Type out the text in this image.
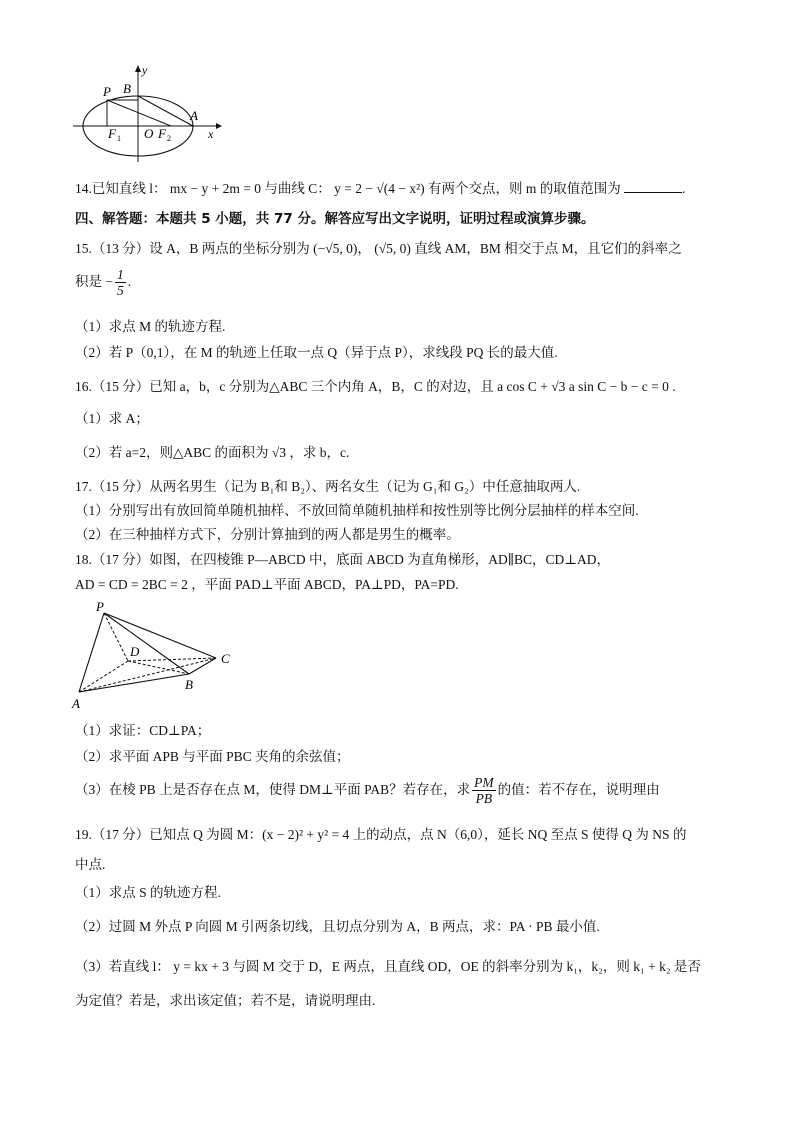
y
x
P B
A
F 1 O F 2
14.已知直线 l： mx − y + 2m = 0 与曲线 C： y = 2 − √(4 − x²) 有两个交点，则 m 的取值范围为	.
四、解答题：本题共 5 小题，共 77 分。解答应写出文字说明，证明过程或演算步骤。
15.（13 分）设 A，B 两点的坐标分别为 (−√5, 0)， (√5, 0) 直线 AM，BM 相交于点 M，且它们的斜率之
积是 − $\frac{1}{5}$ .
（1）求点 M 的轨迹方程.
（2）若 P（0,1），在 M 的轨迹上任取一点 Q（异于点 P），求线段 PQ 长的最大值.
16.（15 分）已知 a，b，c 分别为△ABC 三个内角 A，B，C 的对边，且 a cos C + √3 a sin C − b − c = 0 .
（1）求 A；
（2）若 a=2，则△ABC 的面积为 √3 ，求 b，c.
17.（15 分）从两名男生（记为 B₁和 B₂）、两名女生（记为 G₁和 G₂）中任意抽取两人.
（1）分别写出有放回简单随机抽样、不放回简单随机抽样和按性别等比例分层抽样的样本空间.
（2）在三种抽样方式下，分别计算抽到的两人都是男生的概率。
18.（17 分）如图，在四棱锥 P—ABCD 中，底面 ABCD 为直角梯形，AD∥BC，CD⊥AD，
AD = CD = 2BC = 2 ，平面 PAD⊥平面 ABCD，PA⊥PD，PA=PD.
P
D	C
B
A
（1）求证：CD⊥PA；
（2）求平面 APB 与平面 PBC 夹角的余弦值；
（3）在棱 PB 上是否存在点 M，使得 DM⊥平面 PAB？若存在，求 $\frac{PM}{PB}$ 的值：若不存在，说明理由
19.（17 分）已知点 Q 为圆 M：(x − 2)² + y² = 4 上的动点，点 N（6,0），延长 NQ 至点 S 使得 Q 为 NS 的
中点.
（1）求点 S 的轨迹方程.
（2）过圆 M 外点 P 向圆 M 引两条切线，且切点分别为 A，B 两点，求：PA · PB 最小值.
（3）若直线 l： y = kx + 3 与圆 M 交于 D，E 两点，且直线 OD，OE 的斜率分别为 k₁，k₂，则 k₁ + k₂ 是否
为定值？若是，求出该定值；若不是，请说明理由.
